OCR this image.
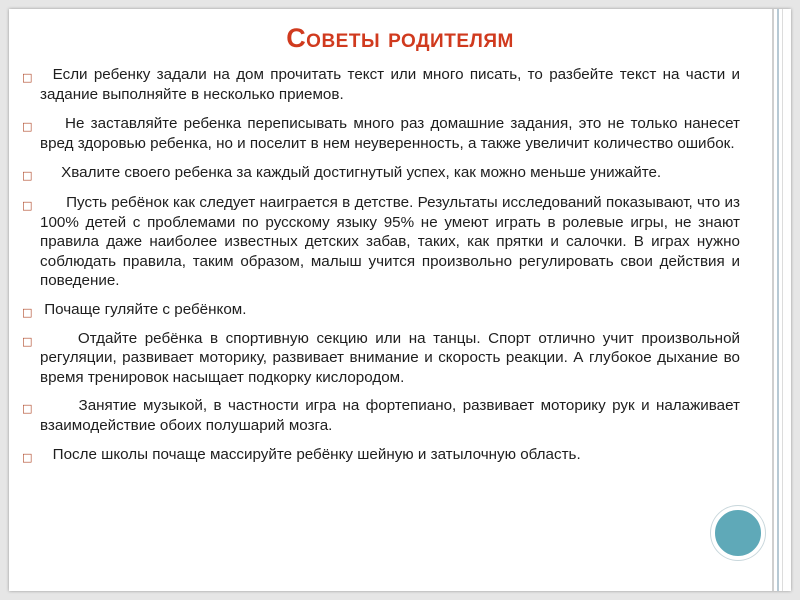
Советы родителям
□ Если ребенку задали на дом прочитать текст или много писать, то разбейте текст на части и задание выполняйте в несколько приемов.
□ Не заставляйте ребенка переписывать много раз домашние задания, это не только нанесет вред здоровью ребенка, но и поселит в нем неуверенность, а также увеличит количество ошибок.
□ Хвалите своего ребенка за каждый достигнутый успех, как можно меньше унижайте.
□ Пусть ребёнок как следует наиграется в детстве. Результаты исследований показывают, что из 100% детей с проблемами по русскому языку 95% не умеют играть в ролевые игры, не знают правила даже наиболее известных детских забав, таких, как прятки и салочки. В играх нужно соблюдать правила, таким образом, малыш учится произвольно регулировать свои действия и поведение.
□ Почаще гуляйте с ребёнком.
□ Отдайте ребёнка в спортивную секцию или на танцы. Спорт отлично учит произвольной регуляции, развивает моторику, развивает внимание и скорость реакции. А глубокое дыхание во время тренировок насыщает подкорку кислородом.
□ Занятие музыкой, в частности игра на фортепиано, развивает моторику рук и налаживает взаимодействие обоих полушарий мозга.
□ После школы почаще массируйте ребёнку шейную и затылочную область.
